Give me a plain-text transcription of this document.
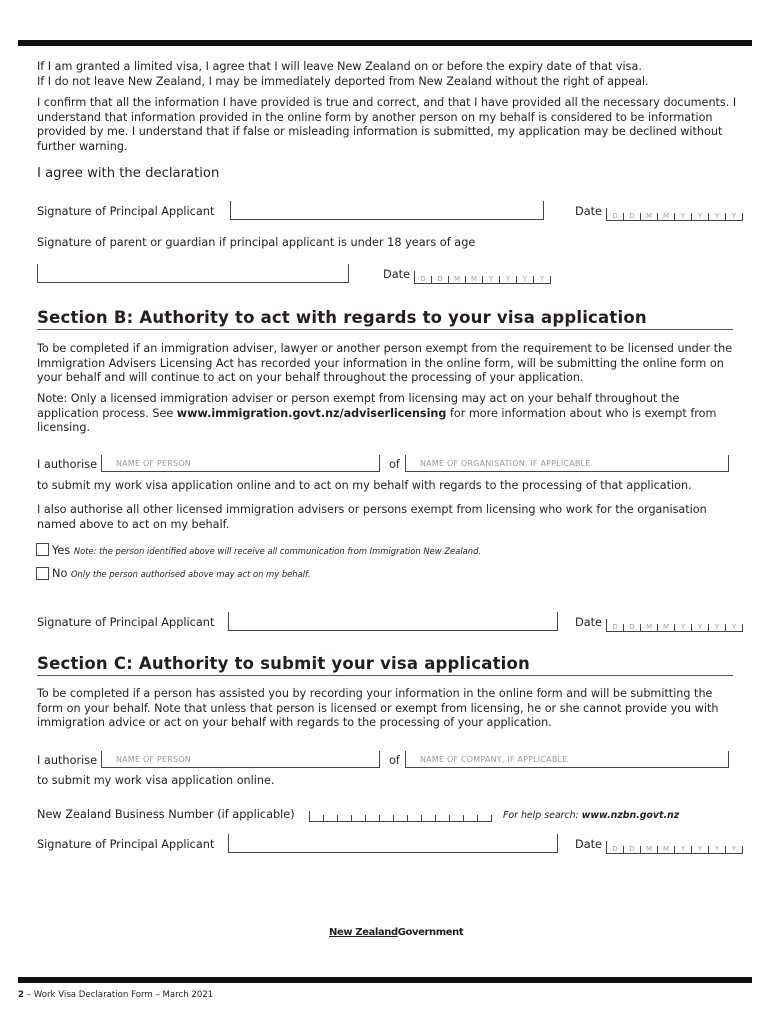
If I am granted a limited visa, I agree that I will leave New Zealand on or before the expiry date of that visa.
If I do not leave New Zealand, I may be immediately deported from New Zealand without the right of appeal.

I confirm that all the information I have provided is true and correct, and that I have provided all the necessary documents. I understand that information provided in the online form by another person on my behalf is considered to be information provided by me. I understand that if false or misleading information is submitted, my application may be declined without further warning.

I agree with the declaration
Signature of Principal Applicant	Date	D	D	M	M	Y	Y	Y	Y
Signature of parent or guardian if principal applicant is under 18 years of age
Date	D	D	M	M	Y	Y	Y	Y
Section B: Authority to act with regards to your visa application

To be completed if an immigration adviser, lawyer or another person exempt from the requirement to be licensed under the Immigration Advisers Licensing Act has recorded your information in the online form, will be submitting the online form on your behalf and will continue to act on your behalf throughout the processing of your application.

Note: Only a licensed immigration adviser or person exempt from licensing may act on your behalf throughout the application process. See www.immigration.govt.nz/adviserlicensing for more information about who is exempt from licensing.

I authorise NAME OF PERSON	of	NAME OF ORGANISATION, IF APPLICABLE

to submit my work visa application online and to act on my behalf with regards to the processing of that application.

I also authorise all other licensed immigration advisers or persons exempt from licensing who work for the organisation named above to act on my behalf.

Yes Note: the person identified above will receive all communication from Immigration New Zealand.
No Only the person authorised above may act on my behalf.
Signature of Principal Applicant	Date	D	D	M	M	Y	Y	Y	Y
Section C: Authority to submit your visa application

To be completed if a person has assisted you by recording your information in the online form and will be submitting the form on your behalf. Note that unless that person is licensed or exempt from licensing, he or she cannot provide you with immigration advice or act on your behalf with regards to the processing of your application.

I authorise NAME OF PERSON	of	NAME OF COMPANY, IF APPLICABLE

to submit my work visa application online.

New Zealand Business Number (if applicable)	For help search: www.nzbn.govt.nz
Signature of Principal Applicant	Date	D	D	M	M	Y	Y	Y	Y
New ZealandGovernment
2 – Work Visa Declaration Form – March 2021
